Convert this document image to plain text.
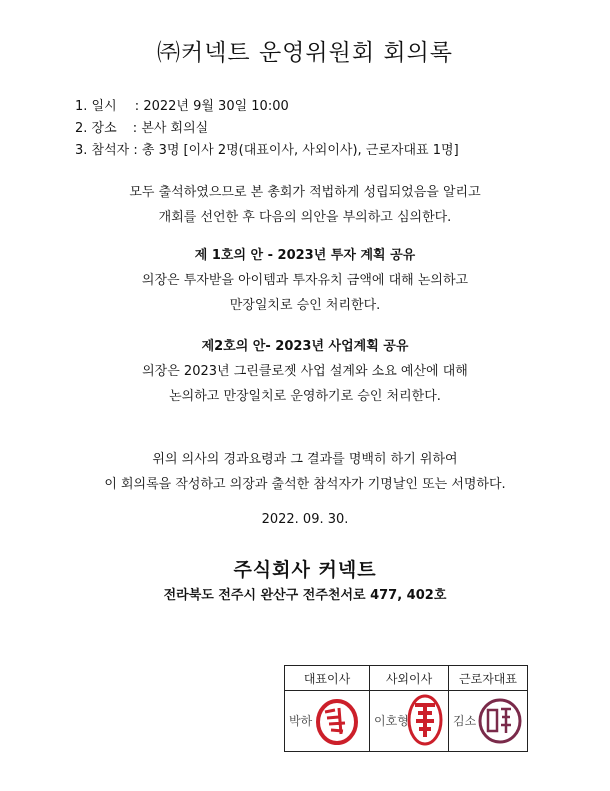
㈜커넥트 운영위원회 회의록
1. 일시 : 2022년 9월 30일 10:00
2. 장소 : 본사 회의실
3. 참석자 : 총 3명 [이사 2명(대표이사, 사외이사), 근로자대표 1명]
모두 출석하였으므로 본 총회가 적법하게 성립되었음을 알리고
개회를 선언한 후 다음의 의안을 부의하고 심의한다.
제 1호의 안 - 2023년 투자 계획 공유
의장은 투자받을 아이템과 투자유치 금액에 대해 논의하고
만장일치로 승인 처리한다.
제2호의 안- 2023년 사업계획 공유
의장은 2023년 그린클로젯 사업 설계와 소요 예산에 대해
논의하고 만장일치로 운영하기로 승인 처리한다.
위의 의사의 경과요령과 그 결과를 명백히 하기 위하여
이 회의록을 작성하고 의장과 출석한 참석자가 기명날인 또는 서명하다.
2022. 09. 30.
주식회사 커넥트
전라북도 전주시 완산구 전주천서로 477, 402호
대표이사	사외이사	근로자대표

박하	이호형	김소
